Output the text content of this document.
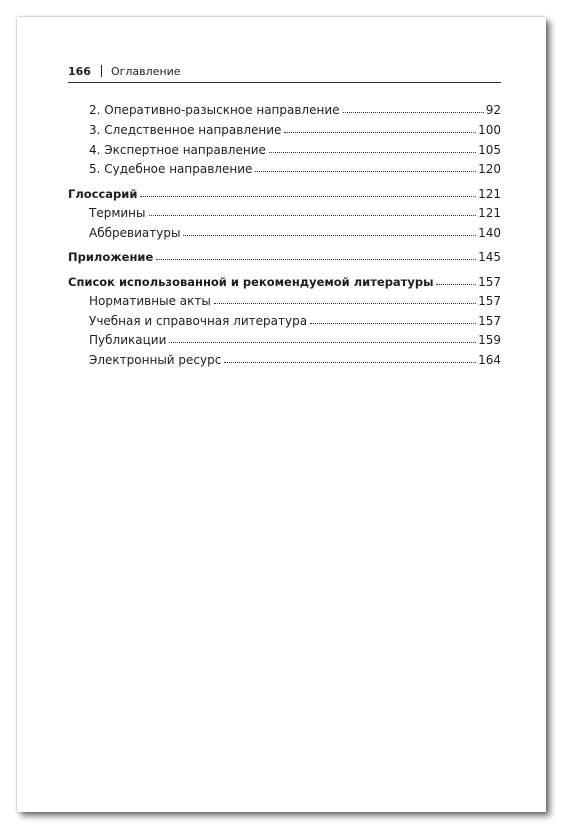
166 Оглавление
2. Оперативно-разыскное направление	92
3. Следственное направление	100
4. Экспертное направление	105
5. Судебное направление	120
Глоссарий	121
Термины	121
Аббревиатуры	140
Приложение	145
Список использованной и рекомендуемой литературы	157
Нормативные акты	157
Учебная и справочная литература	157
Публикации	159
Электронный ресурс	164
